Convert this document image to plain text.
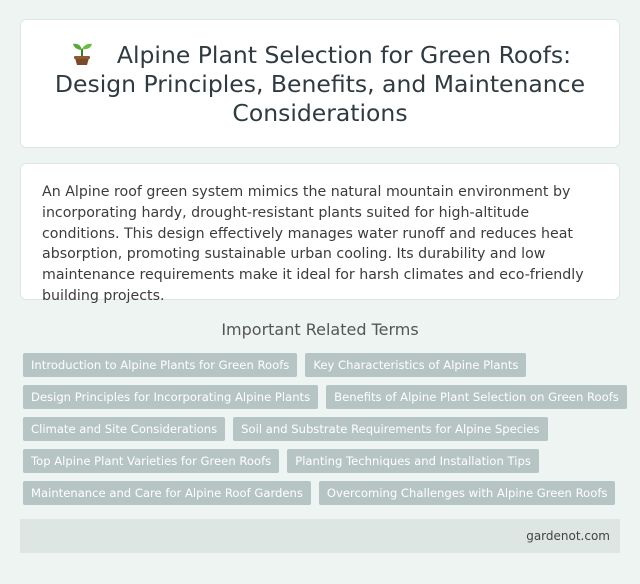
Alpine Plant Selection for Green Roofs: Design Principles, Benefits, and Maintenance Considerations

An Alpine roof green system mimics the natural mountain environment by incorporating hardy, drought-resistant plants suited for high-altitude conditions. This design effectively manages water runoff and reduces heat absorption, promoting sustainable urban cooling. Its durability and low maintenance requirements make it ideal for harsh climates and eco-friendly building projects.

Important Related Terms
Introduction to Alpine Plants for Green Roofs	Key Characteristics of Alpine Plants
Design Principles for Incorporating Alpine Plants	Benefits of Alpine Plant Selection on Green Roofs
Climate and Site Considerations	Soil and Substrate Requirements for Alpine Species
Top Alpine Plant Varieties for Green Roofs	Planting Techniques and Installation Tips
Maintenance and Care for Alpine Roof Gardens	Overcoming Challenges with Alpine Green Roofs
gardenot.com
